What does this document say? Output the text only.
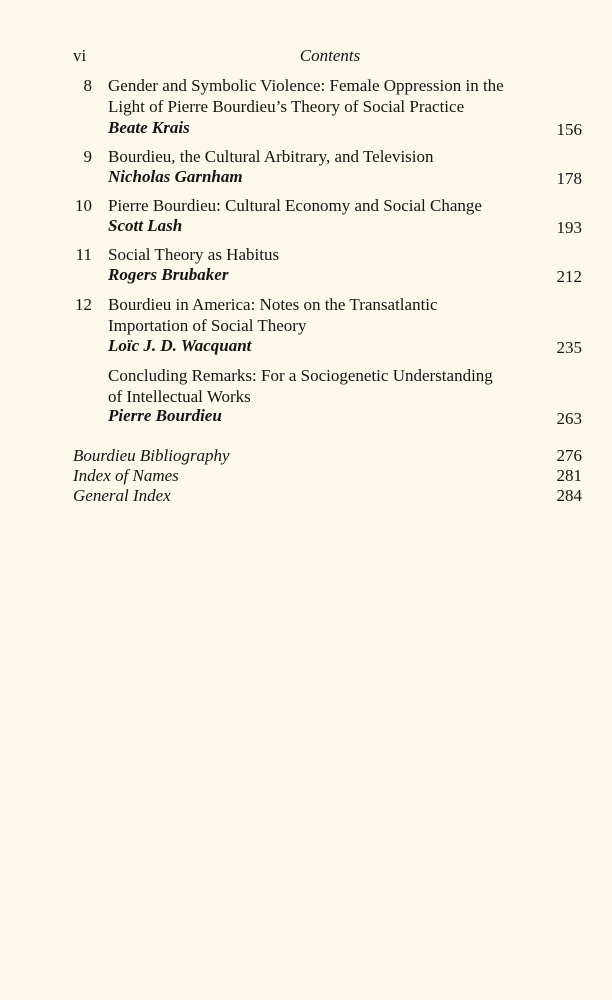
vi	Contents
8 Gender and Symbolic Violence: Female Oppression in the
Light of Pierre Bourdieu’s Theory of Social Practice
Beate Krais	156
9 Bourdieu, the Cultural Arbitrary, and Television
Nicholas Garnham	178
10 Pierre Bourdieu: Cultural Economy and Social Change
Scott Lash	193
11 Social Theory as Habitus
Rogers Brubaker	212
12 Bourdieu in America: Notes on the Transatlantic
Importation of Social Theory
Loïc J. D. Wacquant	235
Concluding Remarks: For a Sociogenetic Understanding
of Intellectual Works
Pierre Bourdieu	263
Bourdieu Bibliography	276
Index of Names	281
General Index	284
